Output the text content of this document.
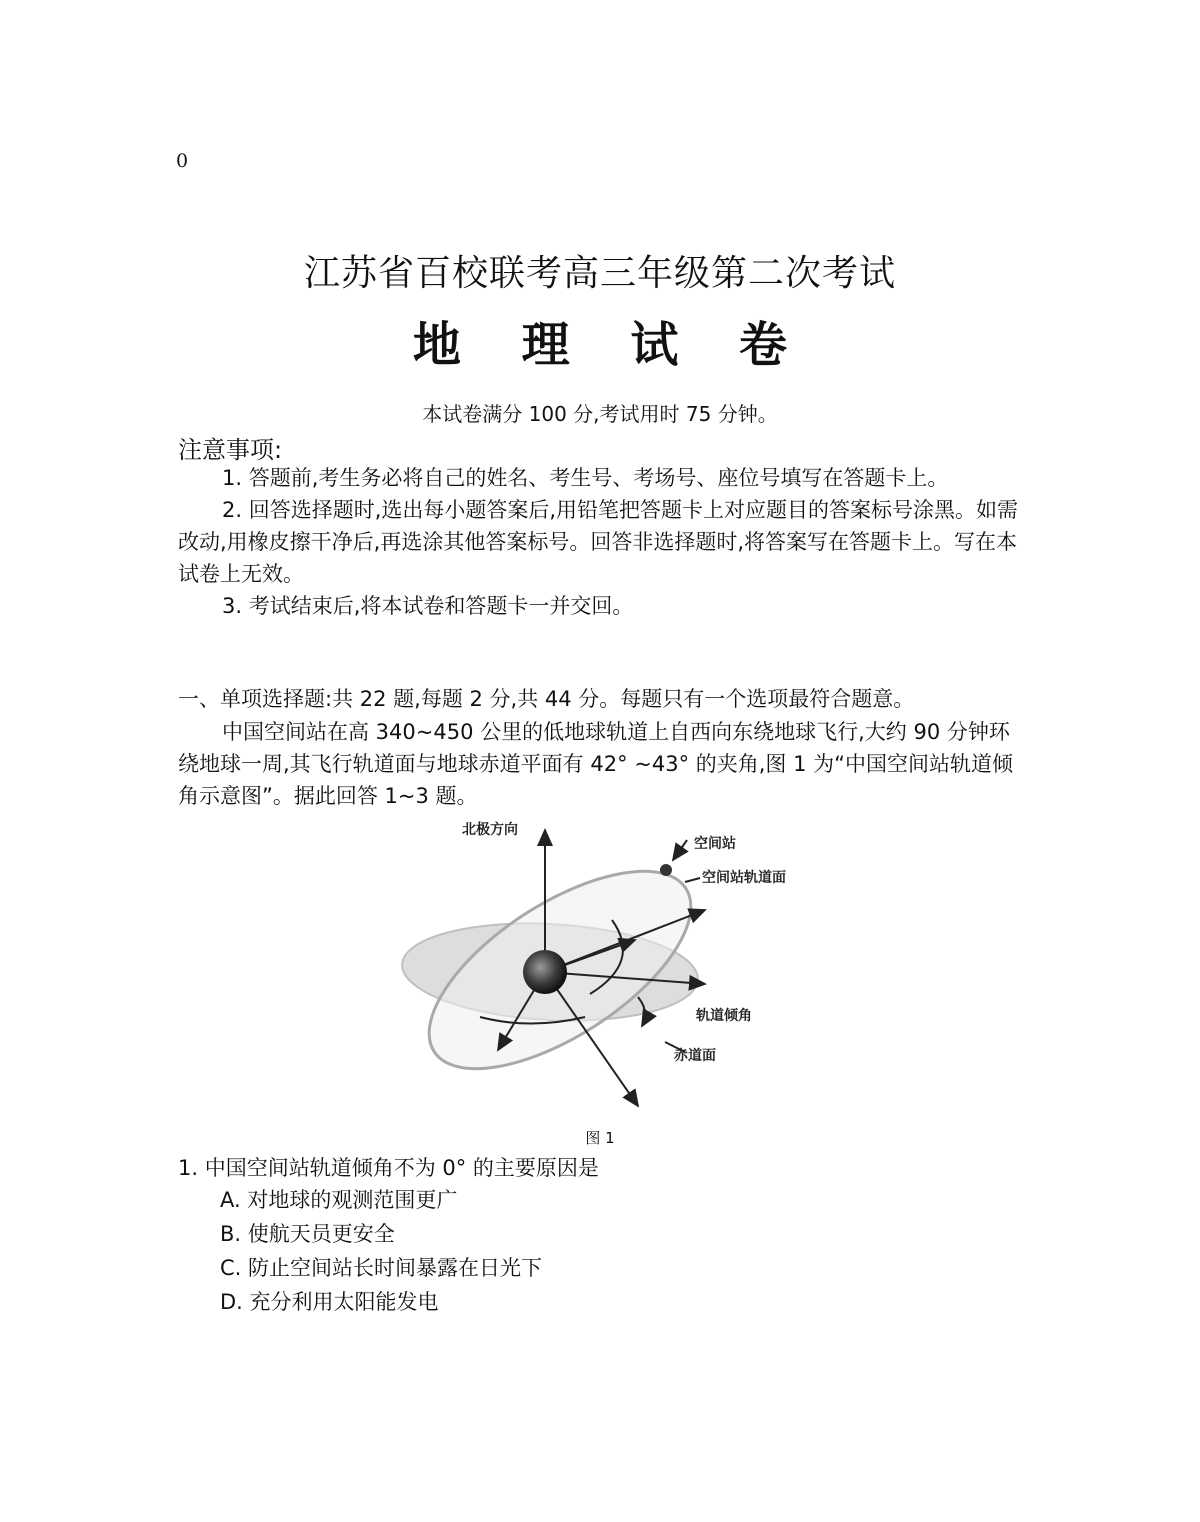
0
江苏省百校联考高三年级第二次考试
地 理 试 卷
本试卷满分 100 分,考试用时 75 分钟。
注意事项:
1. 答题前,考生务必将自己的姓名、考生号、考场号、座位号填写在答题卡上。
2. 回答选择题时,选出每小题答案后,用铅笔把答题卡上对应题目的答案标号涂黑。如需改动,用橡皮擦干净后,再选涂其他答案标号。回答非选择题时,将答案写在答题卡上。写在本试卷上无效。
3. 考试结束后,将本试卷和答题卡一并交回。
一、单项选择题:共 22 题,每题 2 分,共 44 分。每题只有一个选项最符合题意。
中国空间站在高 340~450 公里的低地球轨道上自西向东绕地球飞行,大约 90 分钟环绕地球一周,其飞行轨道面与地球赤道平面有 42° ~43° 的夹角,图 1 为“中国空间站轨道倾角示意图”。据此回答 1~3 题。
北极方向
空间站
空间站轨道面
轨道倾角
赤道面
图 1
1. 中国空间站轨道倾角不为 0° 的主要原因是
A. 对地球的观测范围更广
B. 使航天员更安全
C. 防止空间站长时间暴露在日光下
D. 充分利用太阳能发电
